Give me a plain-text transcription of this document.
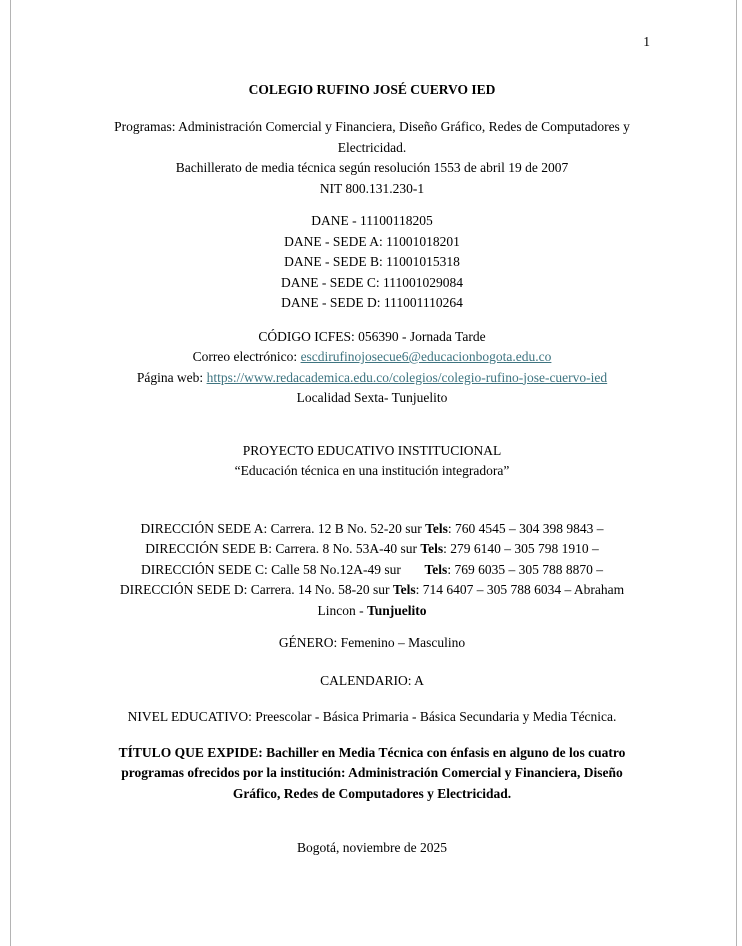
1

COLEGIO RUFINO JOSÉ CUERVO IED

Programas: Administración Comercial y Financiera, Diseño Gráfico, Redes de Computadores y
Electricidad.
Bachillerato de media técnica según resolución 1553 de abril 19 de 2007
NIT 800.131.230-1

DANE - 11100118205
DANE - SEDE A: 11001018201
DANE - SEDE B: 11001015318
DANE - SEDE C: 111001029084
DANE - SEDE D: 111001110264

CÓDIGO ICFES: 056390 - Jornada Tarde
Correo electrónico: escdirufinojosecue6@educacionbogota.edu.co
Página web: https://www.redacademica.edu.co/colegios/colegio-rufino-jose-cuervo-ied
Localidad Sexta- Tunjuelito

PROYECTO EDUCATIVO INSTITUCIONAL
“Educación técnica en una institución integradora”

DIRECCIÓN SEDE A: Carrera. 12 B No. 52-20 sur Tels: 760 4545 – 304 398 9843 –
DIRECCIÓN SEDE B: Carrera. 8 No. 53A-40 sur Tels: 279 6140 – 305 798 1910 –
DIRECCIÓN SEDE C: Calle 58 No.12A-49 sur       Tels: 769 6035 – 305 788 8870 –
DIRECCIÓN SEDE D: Carrera. 14 No. 58-20 sur Tels: 714 6407 – 305 788 6034 – Abraham
Lincon - Tunjuelito

GÉNERO: Femenino – Masculino

CALENDARIO: A

NIVEL EDUCATIVO: Preescolar - Básica Primaria - Básica Secundaria y Media Técnica.

TÍTULO QUE EXPIDE: Bachiller en Media Técnica con énfasis en alguno de los cuatro
programas ofrecidos por la institución: Administración Comercial y Financiera, Diseño
Gráfico, Redes de Computadores y Electricidad.

Bogotá, noviembre de 2025
